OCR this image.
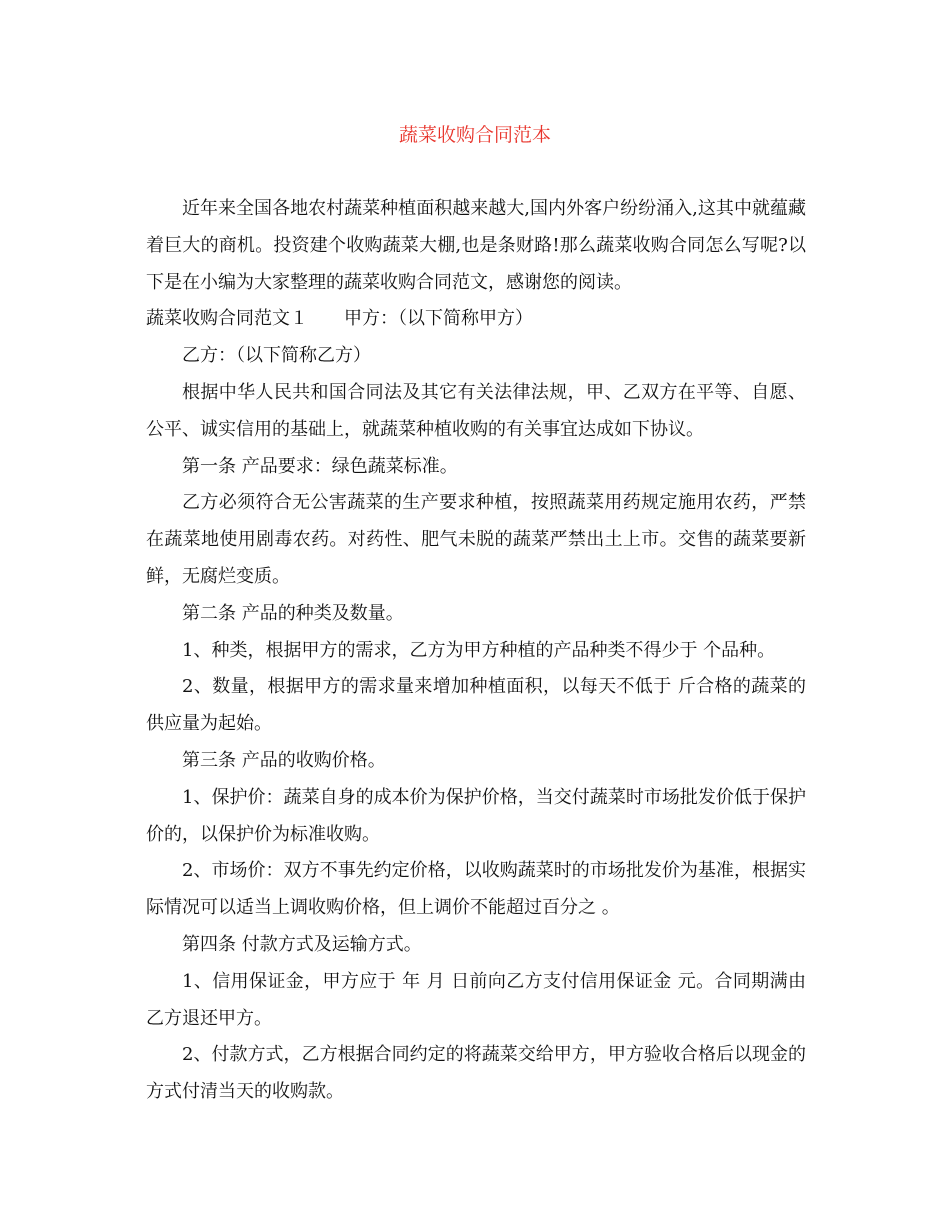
蔬菜收购合同范本

近年来全国各地农村蔬菜种植面积越来越大,国内外客户纷纷涌入,这其中就蕴藏着巨大的商机。投资建个收购蔬菜大棚,也是条财路!那么蔬菜收购合同怎么写呢?以下是在小编为大家整理的蔬菜收购合同范文，感谢您的阅读。

蔬菜收购合同范文１ 甲方：（以下简称甲方）

乙方：（以下简称乙方）

根据中华人民共和国合同法及其它有关法律法规，甲、乙双方在平等、自愿、公平、诚实信用的基础上，就蔬菜种植收购的有关事宜达成如下协议。

第一条 产品要求：绿色蔬菜标准。

乙方必须符合无公害蔬菜的生产要求种植，按照蔬菜用药规定施用农药，严禁在蔬菜地使用剧毒农药。对药性、肥气未脱的蔬菜严禁出土上市。交售的蔬菜要新鲜，无腐烂变质。

第二条 产品的种类及数量。

1、种类，根据甲方的需求，乙方为甲方种植的产品种类不得少于 个品种。

2、数量，根据甲方的需求量来增加种植面积，以每天不低于 斤合格的蔬菜的供应量为起始。

第三条 产品的收购价格。

1、保护价：蔬菜自身的成本价为保护价格，当交付蔬菜时市场批发价低于保护价的，以保护价为标准收购。

2、市场价：双方不事先约定价格，以收购蔬菜时的市场批发价为基准，根据实际情况可以适当上调收购价格，但上调价不能超过百分之 。

第四条 付款方式及运输方式。

1、信用保证金，甲方应于 年 月 日前向乙方支付信用保证金 元。合同期满由乙方退还甲方。

2、付款方式，乙方根据合同约定的将蔬菜交给甲方，甲方验收合格后以现金的方式付清当天的收购款。
